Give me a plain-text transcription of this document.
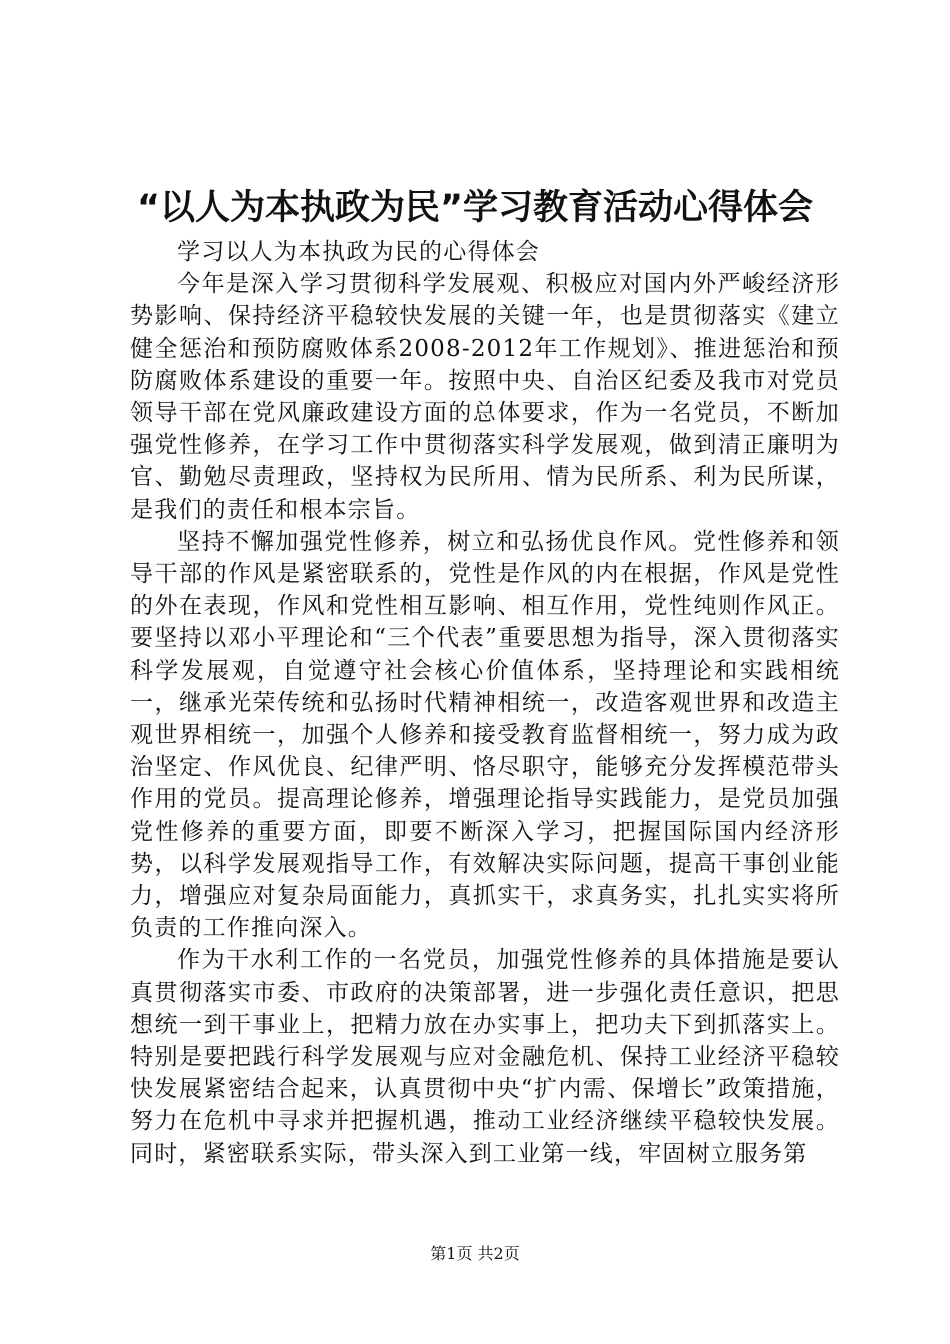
“以人为本执政为民”学习教育活动心得体会

学习以人为本执政为民的心得体会

今年是深入学习贯彻科学发展观、积极应对国内外严峻经济形势影响、保持经济平稳较快发展的关键一年，也是贯彻落实《建立健全惩治和预防腐败体系2008-2012年工作规划》、推进惩治和预防腐败体系建设的重要一年。按照中央、自治区纪委及我市对党员领导干部在党风廉政建设方面的总体要求，作为一名党员，不断加强党性修养，在学习工作中贯彻落实科学发展观，做到清正廉明为官、勤勉尽责理政，坚持权为民所用、情为民所系、利为民所谋，是我们的责任和根本宗旨。

坚持不懈加强党性修养，树立和弘扬优良作风。党性修养和领导干部的作风是紧密联系的，党性是作风的内在根据，作风是党性的外在表现，作风和党性相互影响、相互作用，党性纯则作风正。要坚持以邓小平理论和“三个代表”重要思想为指导，深入贯彻落实科学发展观，自觉遵守社会核心价值体系，坚持理论和实践相统一，继承光荣传统和弘扬时代精神相统一，改造客观世界和改造主观世界相统一，加强个人修养和接受教育监督相统一，努力成为政治坚定、作风优良、纪律严明、恪尽职守，能够充分发挥模范带头作用的党员。提高理论修养，增强理论指导实践能力，是党员加强党性修养的重要方面，即要不断深入学习，把握国际国内经济形势，以科学发展观指导工作，有效解决实际问题，提高干事创业能力，增强应对复杂局面能力，真抓实干，求真务实，扎扎实实将所负责的工作推向深入。

作为干水利工作的一名党员，加强党性修养的具体措施是要认真贯彻落实市委、市政府的决策部署，进一步强化责任意识，把思想统一到干事业上，把精力放在办实事上，把功夫下到抓落实上。特别是要把践行科学发展观与应对金融危机、保持工业经济平稳较快发展紧密结合起来，认真贯彻中央“扩内需、保增长”政策措施，努力在危机中寻求并把握机遇，推动工业经济继续平稳较快发展。同时，紧密联系实际，带头深入到工业第一线，牢固树立服务第

第1页 共2页
